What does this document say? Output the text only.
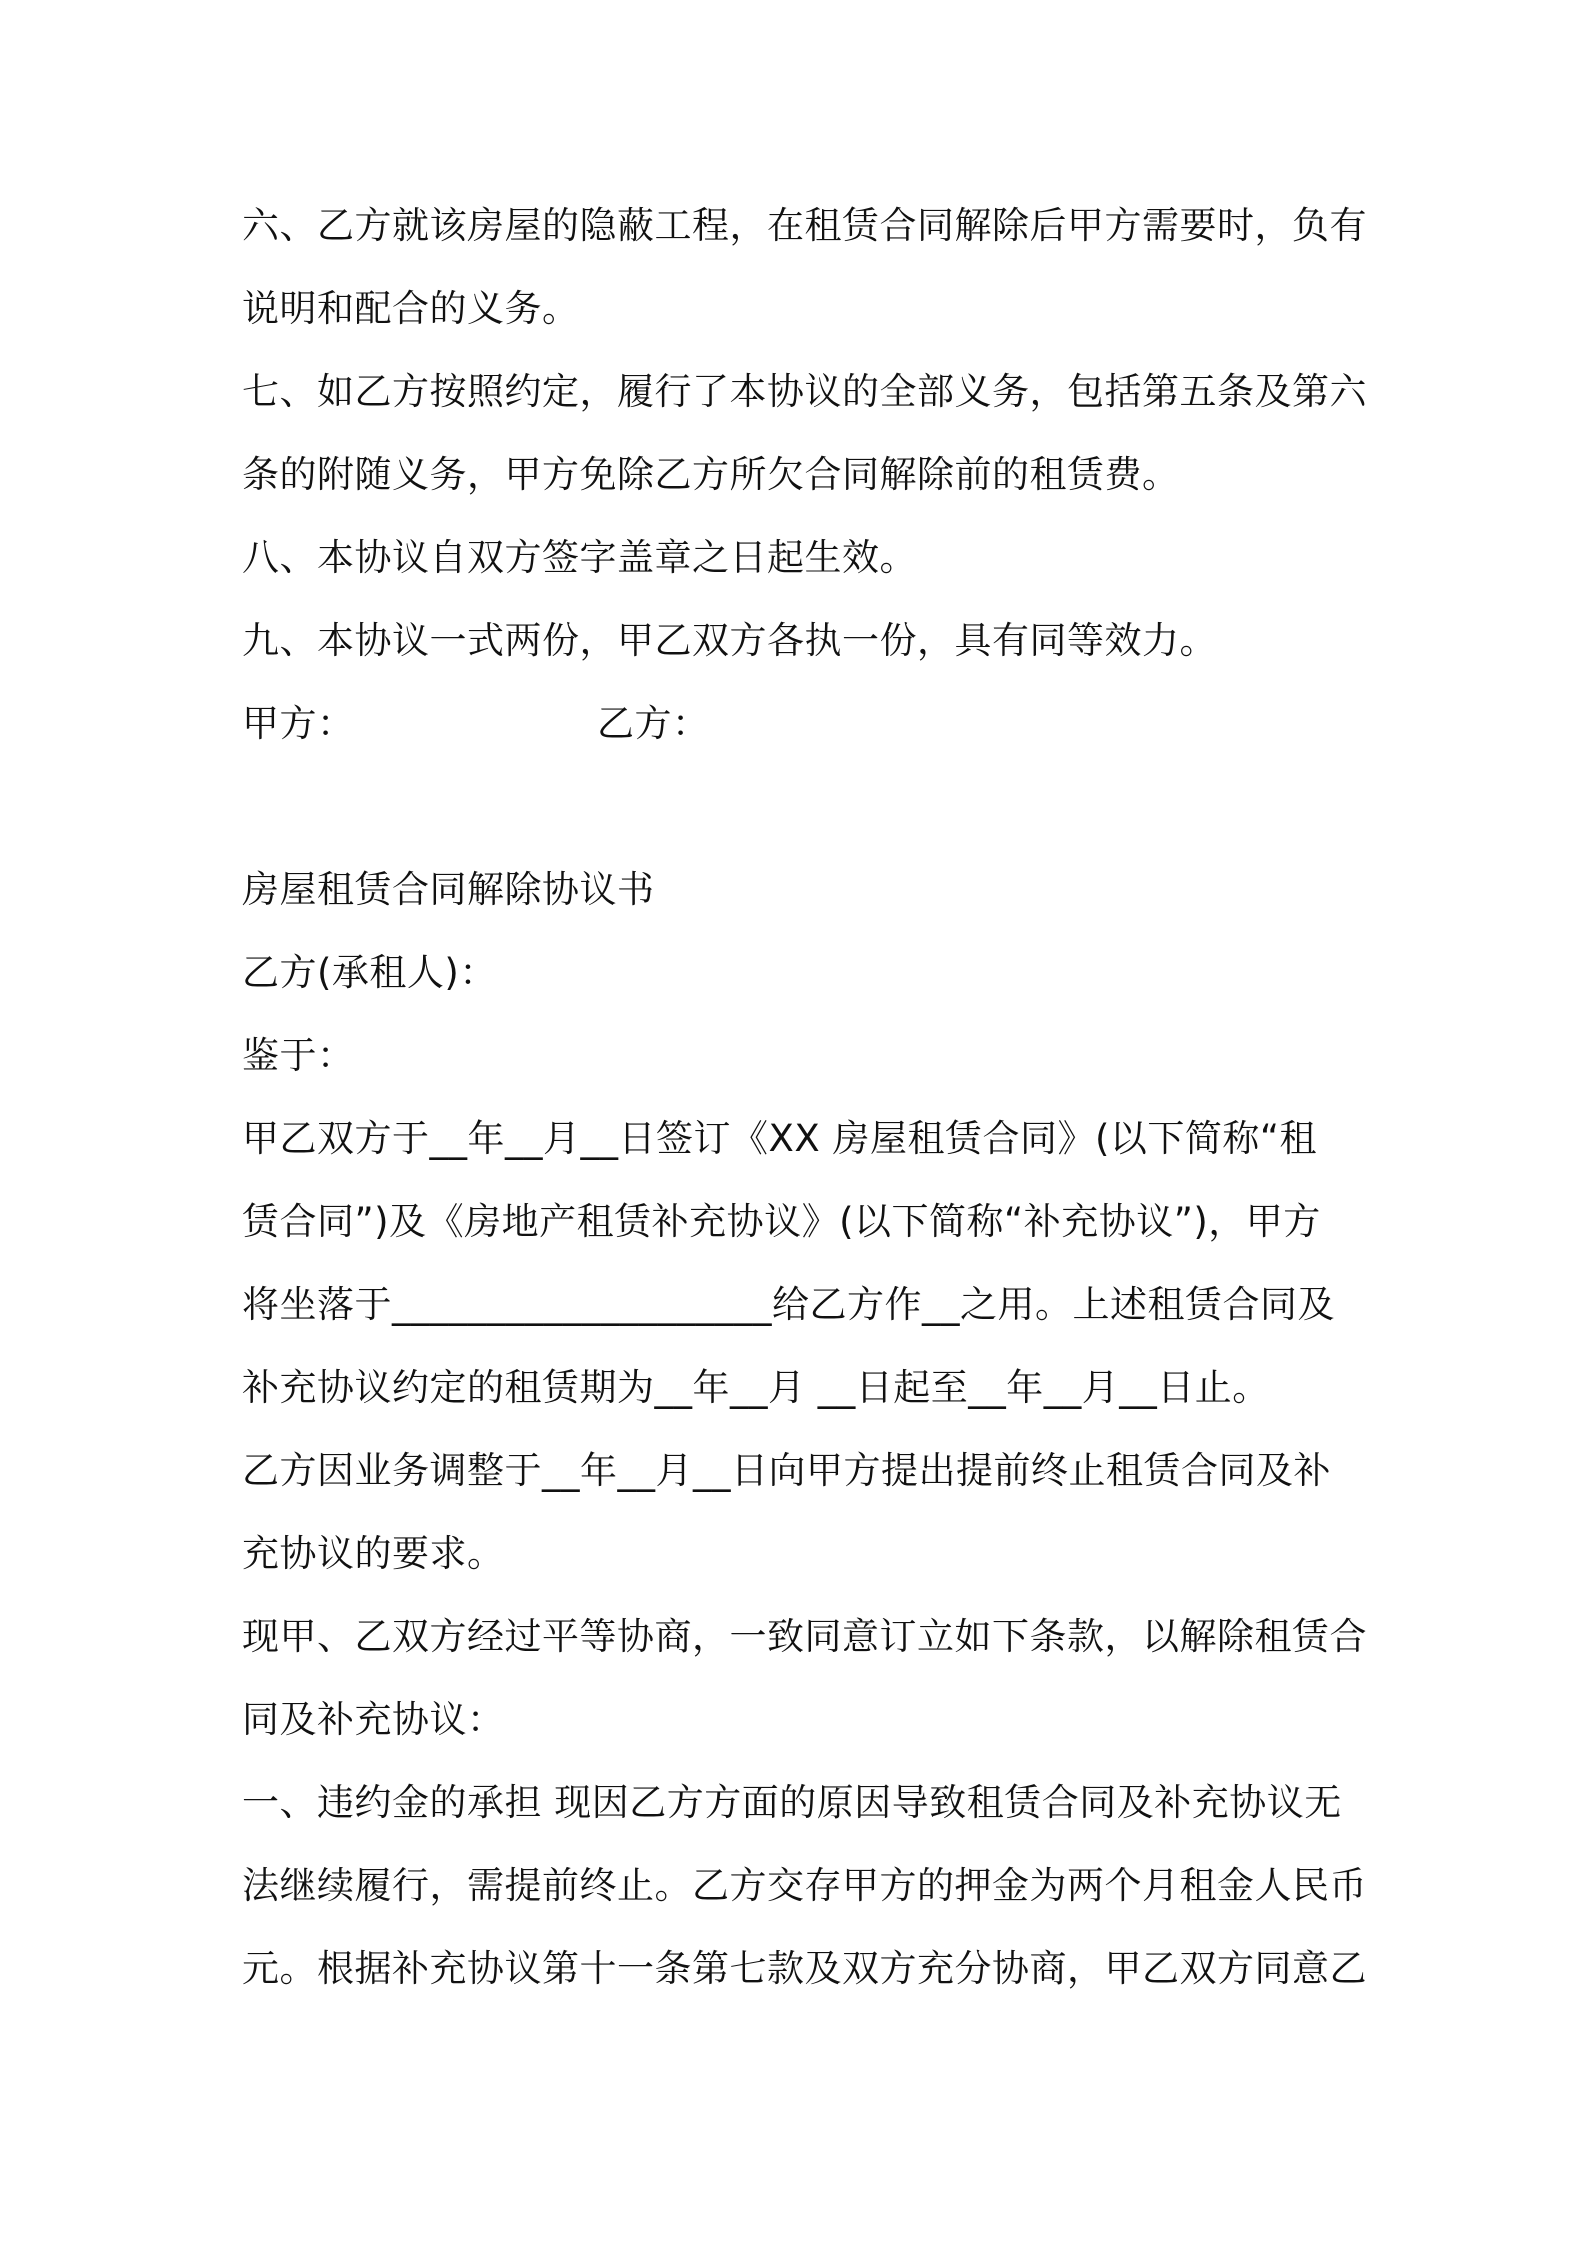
六、乙方就该房屋的隐蔽工程，在租赁合同解除后甲方需要时，负有
说明和配合的义务。
七、如乙方按照约定，履行了本协议的全部义务，包括第五条及第六
条的附随义务，甲方免除乙方所欠合同解除前的租赁费。
八、本协议自双方签字盖章之日起生效。
九、本协议一式两份，甲乙双方各执一份，具有同等效力。
甲方：	乙方：
房屋租赁合同解除协议书
乙方(承租人)：
鉴于：
甲乙双方于__年__月__日签订《XX 房屋租赁合同》(以下简称“租
赁合同”)及《房地产租赁补充协议》(以下简称“补充协议”)，甲方
将坐落于____________________给乙方作__之用。上述租赁合同及
补充协议约定的租赁期为__年__月 __日起至__年__月__日止。
乙方因业务调整于__年__月__日向甲方提出提前终止租赁合同及补
充协议的要求。
现甲、乙双方经过平等协商，一致同意订立如下条款，以解除租赁合
同及补充协议：
一、违约金的承担 现因乙方方面的原因导致租赁合同及补充协议无
法继续履行，需提前终止。乙方交存甲方的押金为两个月租金人民币
元。根据补充协议第十一条第七款及双方充分协商，甲乙双方同意乙
